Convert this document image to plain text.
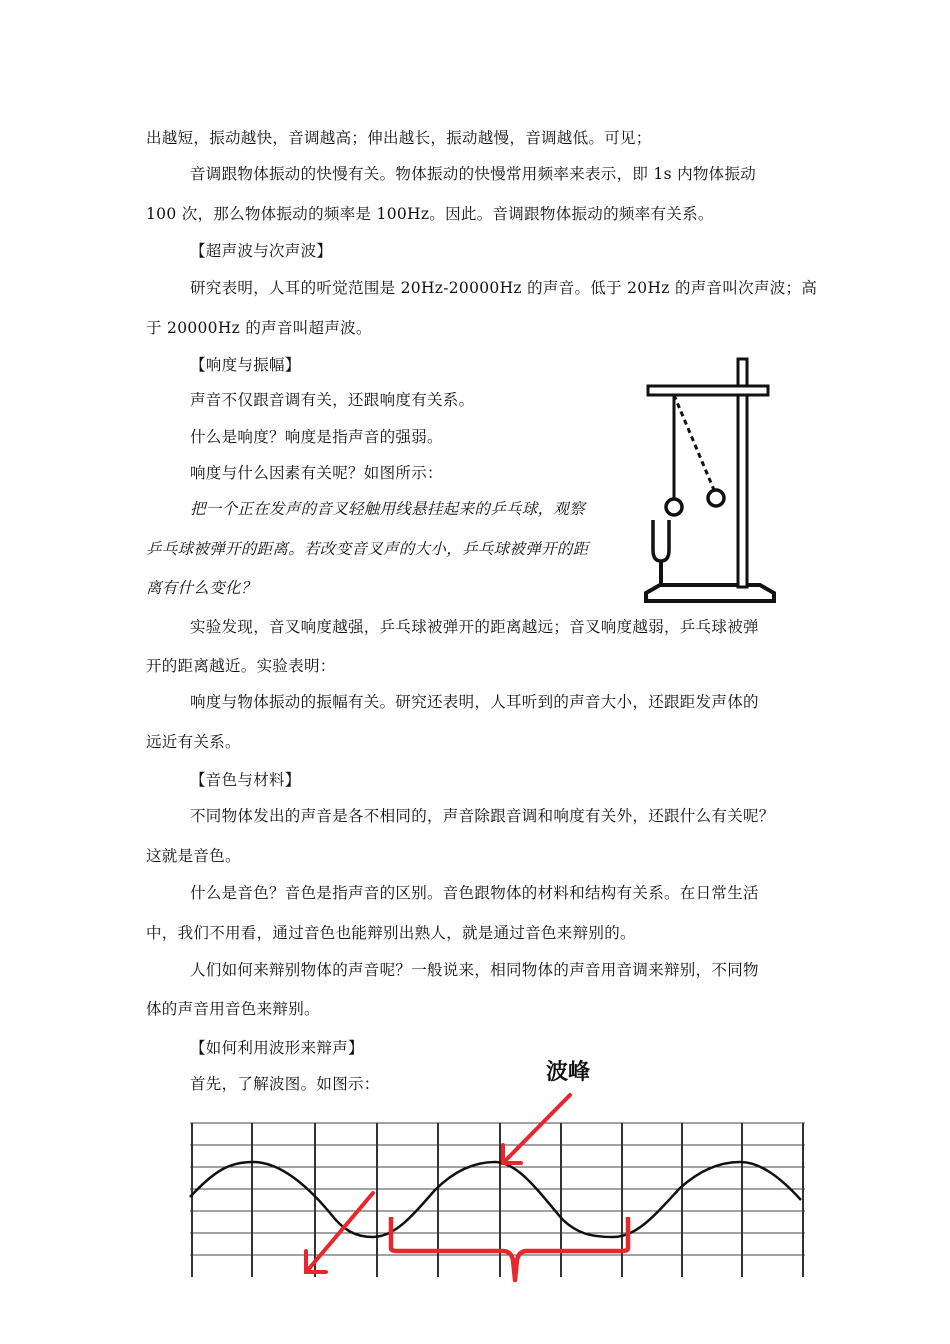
出越短，振动越快，音调越高；伸出越长，振动越慢，音调越低。可见；
音调跟物体振动的快慢有关。物体振动的快慢常用频率来表示，即 1s 内物体振动
100 次，那么物体振动的频率是 100Hz。因此。音调跟物体振动的频率有关系。
【超声波与次声波】
研究表明，人耳的听觉范围是 20Hz-20000Hz 的声音。低于 20Hz 的声音叫次声波；高
于 20000Hz 的声音叫超声波。
【响度与振幅】
声音不仅跟音调有关，还跟响度有关系。
什么是响度？响度是指声音的强弱。
响度与什么因素有关呢？如图所示：
把一个正在发声的音叉轻触用线悬挂起来的乒乓球，观察
乒乓球被弹开的距离。若改变音叉声的大小，乒乓球被弹开的距
离有什么变化？
实验发现，音叉响度越强，乒乓球被弹开的距离越远；音叉响度越弱，乒乓球被弹
开的距离越近。实验表明：
响度与物体振动的振幅有关。研究还表明，人耳听到的声音大小，还跟距发声体的
远近有关系。
【音色与材料】
不同物体发出的声音是各不相同的，声音除跟音调和响度有关外，还跟什么有关呢？
这就是音色。
什么是音色？音色是指声音的区别。音色跟物体的材料和结构有关系。在日常生活
中，我们不用看，通过音色也能辩别出熟人，就是通过音色来辩别的。
人们如何来辩别物体的声音呢？一般说来，相同物体的声音用音调来辩别，不同物
体的声音用音色来辩别。
【如何利用波形来辩声】
首先，了解波图。如图示：	波峰
